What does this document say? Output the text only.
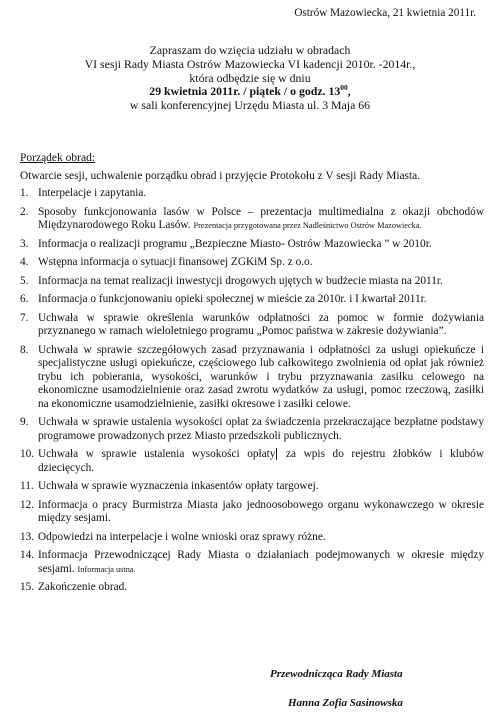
Ostrów Mazowiecka, 21 kwietnia 2011r.
Zapraszam do wzięcia udziału w obradach
VI sesji Rady Miasta Ostrów Mazowiecka VI kadencji 2010r. -2014r.,
która odbędzie się w dniu
29 kwietnia 2011r. / piątek / o godz. $13^{00}$,
w sali konferencyjnej Urzędu Miasta ul. 3 Maja 66
Porządek obrad:
Otwarcie sesji, uchwalenie porządku obrad i przyjęcie Protokołu z V sesji Rady Miasta.
1. Interpelacje i zapytania.
2. Sposoby funkcjonowania lasów w Polsce – prezentacja multimedialna z okazji obchodów Międzynarodowego Roku Lasów. Prezentacja przygotowana przez Nadleśnictwo Ostrów Mazowiecka.
3. Informacja o realizacji programu „Bezpieczne Miasto- Ostrów Mazowiecka ” w 2010r.
4. Wstępna informacja o sytuacji finansowej ZGKiM Sp. z o.o.
5. Informacja na temat realizacji inwestycji drogowych ujętych w budżecie miasta na 2011r.
6. Informacja o funkcjonowaniu opieki społecznej w mieście za 2010r. i I kwartał 2011r.
7. Uchwała w sprawie określenia warunków odpłatności za pomoc w formie dożywiania przyznanego w ramach wieloletniego programu „Pomoc państwa w zakresie dożywiania”.
8. Uchwała w sprawie szczegółowych zasad przyznawania i odpłatności za usługi opiekuńcze i specjalistyczne usługi opiekuńcze, częściowego lub całkowitego zwolnienia od opłat jak również trybu ich pobierania, wysokości, warunków i trybu przyznawania zasiłku celowego na ekonomiczne usamodzielnienie oraz zasad zwrotu wydatków za usługi, pomoc rzeczową, zasiłki na ekonomiczne usamodzielnienie, zasiłki okresowe i zasiłki celowe.
9. Uchwała w sprawie ustalenia wysokości opłat za świadczenia przekraczające bezpłatne podstawy programowe prowadzonych przez Miasto przedszkoli publicznych.
10. Uchwała w sprawie ustalenia wysokości opłaty za wpis do rejestru żłobków i klubów dziecięcych.
11. Uchwała w sprawie wyznaczenia inkasentów opłaty targowej.
12. Informacja o pracy Burmistrza Miasta jako jednoosobowego organu wykonawczego w okresie między sesjami.
13. Odpowiedzi na interpelacje i wolne wnioski oraz sprawy różne.
14. Informacja Przewodniczącej Rady Miasta o działaniach podejmowanych w okresie między sesjami. Informacja ustna.
15. Zakończenie obrad.
Przewodnicząca Rady Miasta
Hanna Zofia Sasinowska
